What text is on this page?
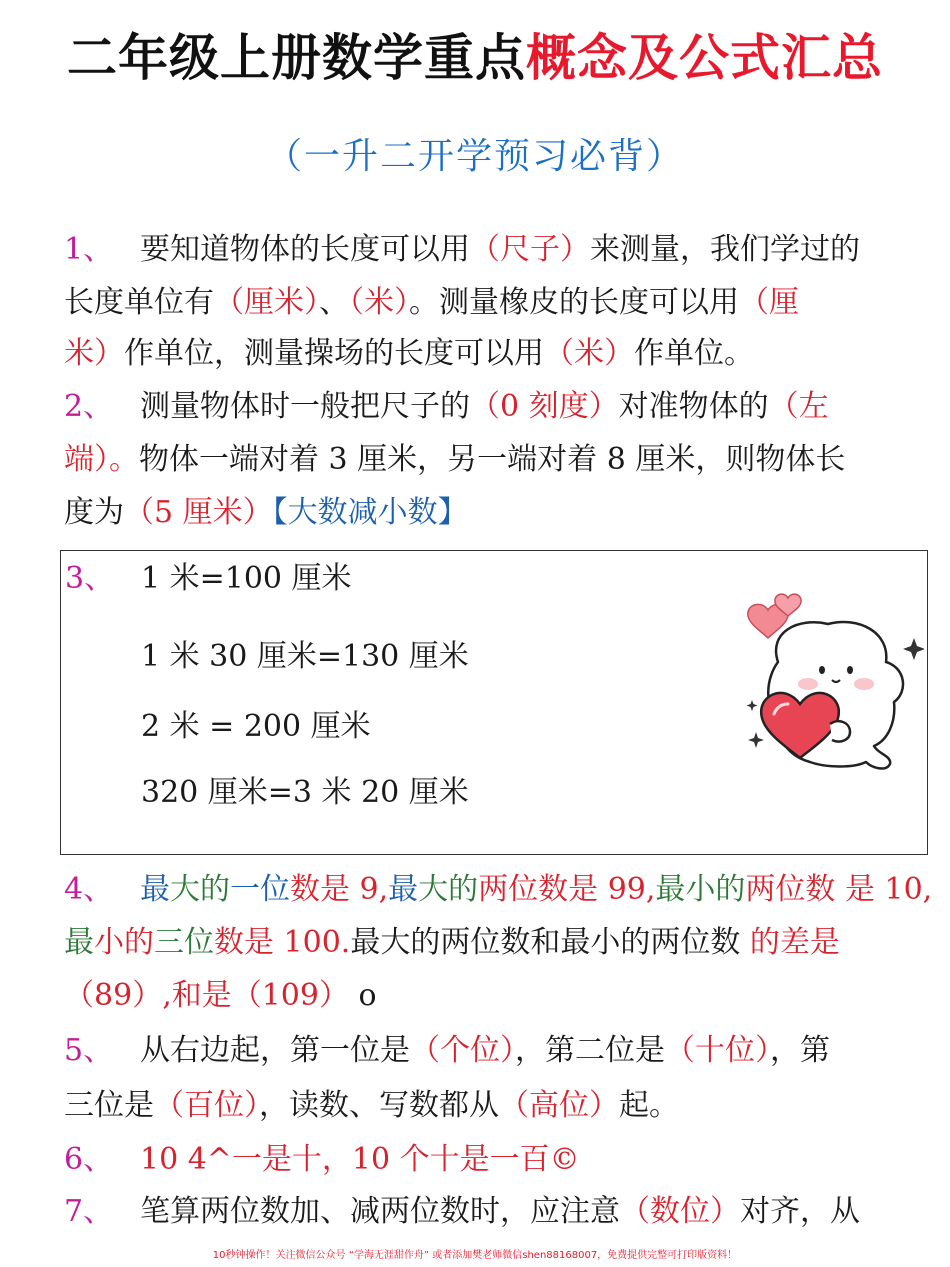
二年级上册数学重点概念及公式汇总
（一升二开学预习必背）
1、 要知道物体的长度可以用（尺子）来测量，我们学过的
长度单位有（厘米）、（米）。测量橡皮的长度可以用（厘
米）作单位，测量操场的长度可以用（米）作单位。
2、 测量物体时一般把尺子的（0 刻度）对准物体的（左
端）。物体一端对着 3 厘米，另一端对着 8 厘米，则物体长
度为（5 厘米）【大数减小数】
3、 1 米=100 厘米
1 米 30 厘米=130 厘米
2 米 = 200 厘米
320 厘米=3 米 20 厘米
4、 最大的一位数是 9,最大的两位数是 99,最小的两位数 是 10,
最小的三位数是 100.最大的两位数和最小的两位数 的差是
（89）,和是（109） o
5、 从右边起，第一位是（个位），第二位是（十位），第
三位是（百位），读数、写数都从（高位）起。
6、 10 4^一是十，10 个十是一百©
7、 笔算两位数加、减两位数时，应注意（数位）对齐，从
10秒钟操作！关注微信公众号 “学海无涯甜作舟” 或者添加樊老师微信shen88168007，免费提供完整可打印版资料！
